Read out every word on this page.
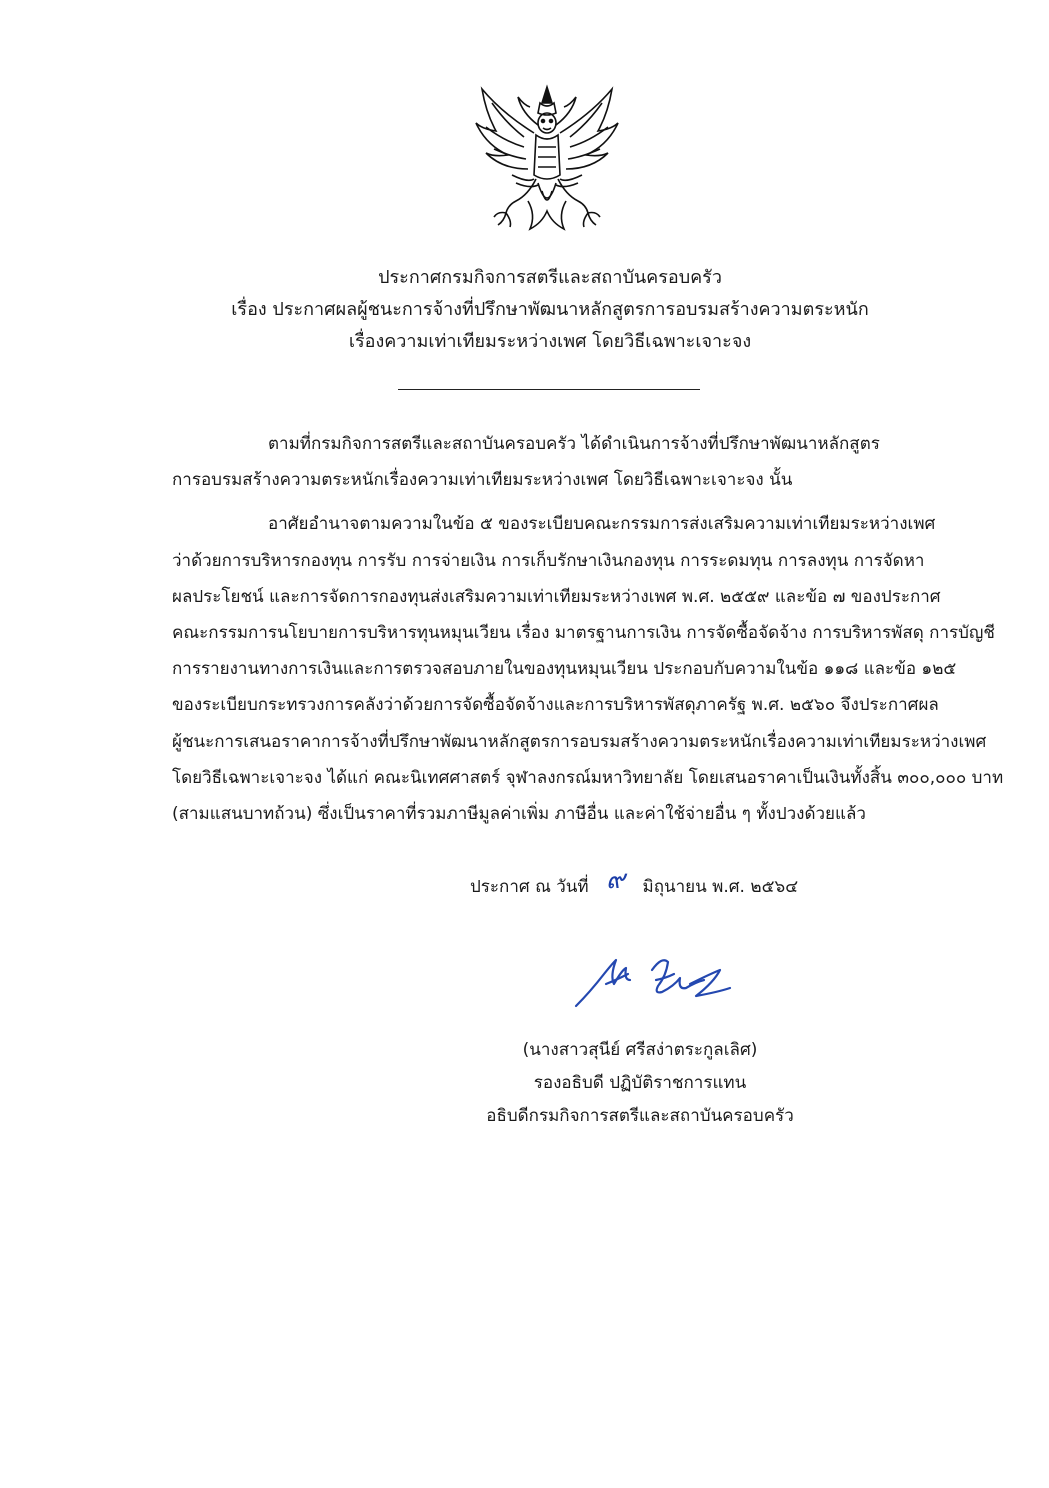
ประกาศกรมกิจการสตรีและสถาบันครอบครัว
เรื่อง ประกาศผลผู้ชนะการจ้างที่ปรึกษาพัฒนาหลักสูตรการอบรมสร้างความตระหนัก
เรื่องความเท่าเทียมระหว่างเพศ โดยวิธีเฉพาะเจาะจง
ตามที่กรมกิจการสตรีและสถาบันครอบครัว ได้ดำเนินการจ้างที่ปรึกษาพัฒนาหลักสูตร
การอบรมสร้างความตระหนักเรื่องความเท่าเทียมระหว่างเพศ โดยวิธีเฉพาะเจาะจง นั้น
อาศัยอำนาจตามความในข้อ ๕ ของระเบียบคณะกรรมการส่งเสริมความเท่าเทียมระหว่างเพศ
ว่าด้วยการบริหารกองทุน การรับ การจ่ายเงิน การเก็บรักษาเงินกองทุน การระดมทุน การลงทุน การจัดหา
ผลประโยชน์ และการจัดการกองทุนส่งเสริมความเท่าเทียมระหว่างเพศ พ.ศ. ๒๕๕๙ และข้อ ๗ ของประกาศ
คณะกรรมการนโยบายการบริหารทุนหมุนเวียน เรื่อง มาตรฐานการเงิน การจัดซื้อจัดจ้าง การบริหารพัสดุ การบัญชี
การรายงานทางการเงินและการตรวจสอบภายในของทุนหมุนเวียน ประกอบกับความในข้อ ๑๑๘ และข้อ ๑๒๕
ของระเบียบกระทรวงการคลังว่าด้วยการจัดซื้อจัดจ้างและการบริหารพัสดุภาครัฐ พ.ศ. ๒๕๖๐ จึงประกาศผล
ผู้ชนะการเสนอราคาการจ้างที่ปรึกษาพัฒนาหลักสูตรการอบรมสร้างความตระหนักเรื่องความเท่าเทียมระหว่างเพศ
โดยวิธีเฉพาะเจาะจง ได้แก่ คณะนิเทศศาสตร์ จุฬาลงกรณ์มหาวิทยาลัย โดยเสนอราคาเป็นเงินทั้งสิ้น ๓๐๐,๐๐๐ บาท
(สามแสนบาทถ้วน) ซึ่งเป็นราคาที่รวมภาษีมูลค่าเพิ่ม ภาษีอื่น และค่าใช้จ่ายอื่น ๆ ทั้งปวงด้วยแล้ว
ประกาศ ณ วันที่ ๙ มิถุนายน พ.ศ. ๒๕๖๔
(นางสาวสุนีย์ ศรีสง่าตระกูลเลิศ)
รองอธิบดี ปฏิบัติราชการแทน
อธิบดีกรมกิจการสตรีและสถาบันครอบครัว
